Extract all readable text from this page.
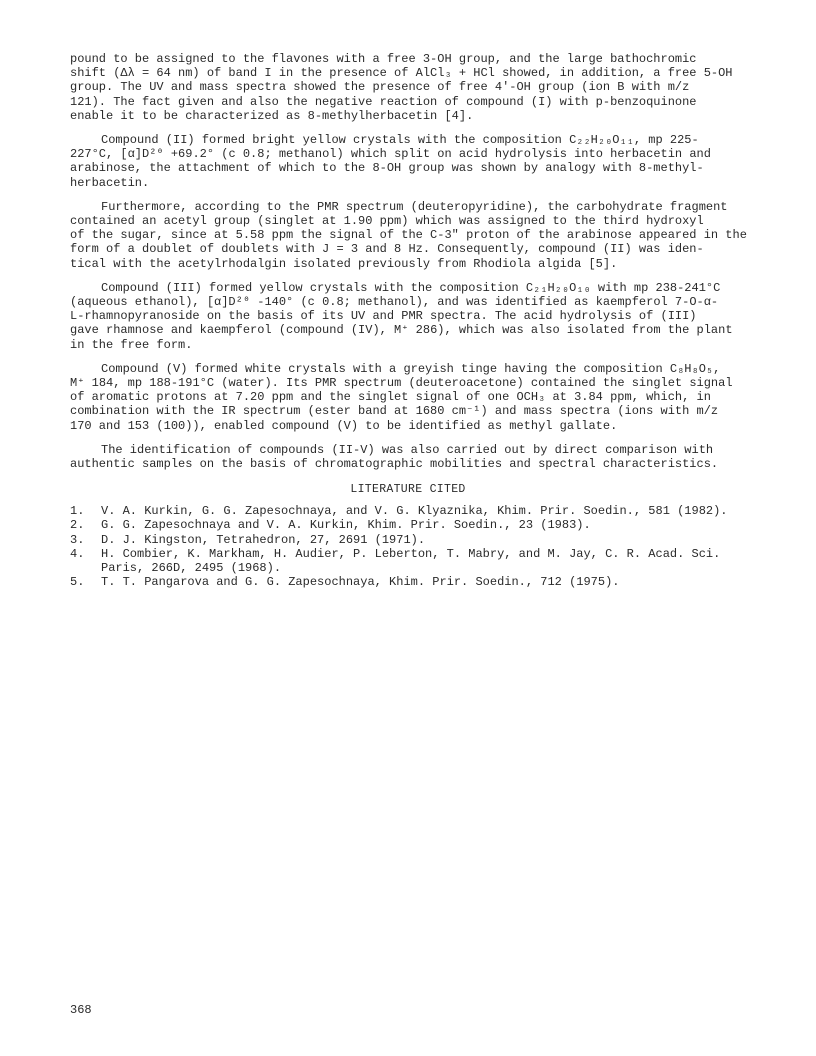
pound to be assigned to the flavones with a free 3-OH group, and the large bathochromic
shift (Δλ = 64 nm) of band I in the presence of AlCl₃ + HCl showed, in addition, a free 5-OH
group. The UV and mass spectra showed the presence of free 4'-OH group (ion B with m/z
121). The fact given and also the negative reaction of compound (I) with p-benzoquinone
enable it to be characterized as 8-methylherbacetin [4].
Compound (II) formed bright yellow crystals with the composition C₂₂H₂₀O₁₁, mp 225-
227°C, [α]D²⁰ +69.2° (c 0.8; methanol) which split on acid hydrolysis into herbacetin and
arabinose, the attachment of which to the 8-OH group was shown by analogy with 8-methyl-
herbacetin.
Furthermore, according to the PMR spectrum (deuteropyridine), the carbohydrate fragment
contained an acetyl group (singlet at 1.90 ppm) which was assigned to the third hydroxyl
of the sugar, since at 5.58 ppm the signal of the C-3" proton of the arabinose appeared in the
form of a doublet of doublets with J = 3 and 8 Hz. Consequently, compound (II) was iden-
tical with the acetylrhodalgin isolated previously from Rhodiola algida [5].
Compound (III) formed yellow crystals with the composition C₂₁H₂₀O₁₀ with mp 238-241°C
(aqueous ethanol), [α]D²⁰ -140° (c 0.8; methanol), and was identified as kaempferol 7-O-α-
L-rhamnopyranoside on the basis of its UV and PMR spectra. The acid hydrolysis of (III)
gave rhamnose and kaempferol (compound (IV), M⁺ 286), which was also isolated from the plant
in the free form.
Compound (V) formed white crystals with a greyish tinge having the composition C₈H₈O₅,
M⁺ 184, mp 188-191°C (water). Its PMR spectrum (deuteroacetone) contained the singlet signal
of aromatic protons at 7.20 ppm and the singlet signal of one OCH₃ at 3.84 ppm, which, in
combination with the IR spectrum (ester band at 1680 cm⁻¹) and mass spectra (ions with m/z
170 and 153 (100)), enabled compound (V) to be identified as methyl gallate.
The identification of compounds (II-V) was also carried out by direct comparison with
authentic samples on the basis of chromatographic mobilities and spectral characteristics.
LITERATURE CITED
1.	V. A. Kurkin, G. G. Zapesochnaya, and V. G. Klyaznika, Khim. Prir. Soedin., 581 (1982).
2.	G. G. Zapesochnaya and V. A. Kurkin, Khim. Prir. Soedin., 23 (1983).
3.	D. J. Kingston, Tetrahedron, 27, 2691 (1971).
4.	H. Combier, K. Markham, H. Audier, P. Leberton, T. Mabry, and M. Jay, C. R. Acad. Sci.
Paris, 266D, 2495 (1968).
5.	T. T. Pangarova and G. G. Zapesochnaya, Khim. Prir. Soedin., 712 (1975).
368
